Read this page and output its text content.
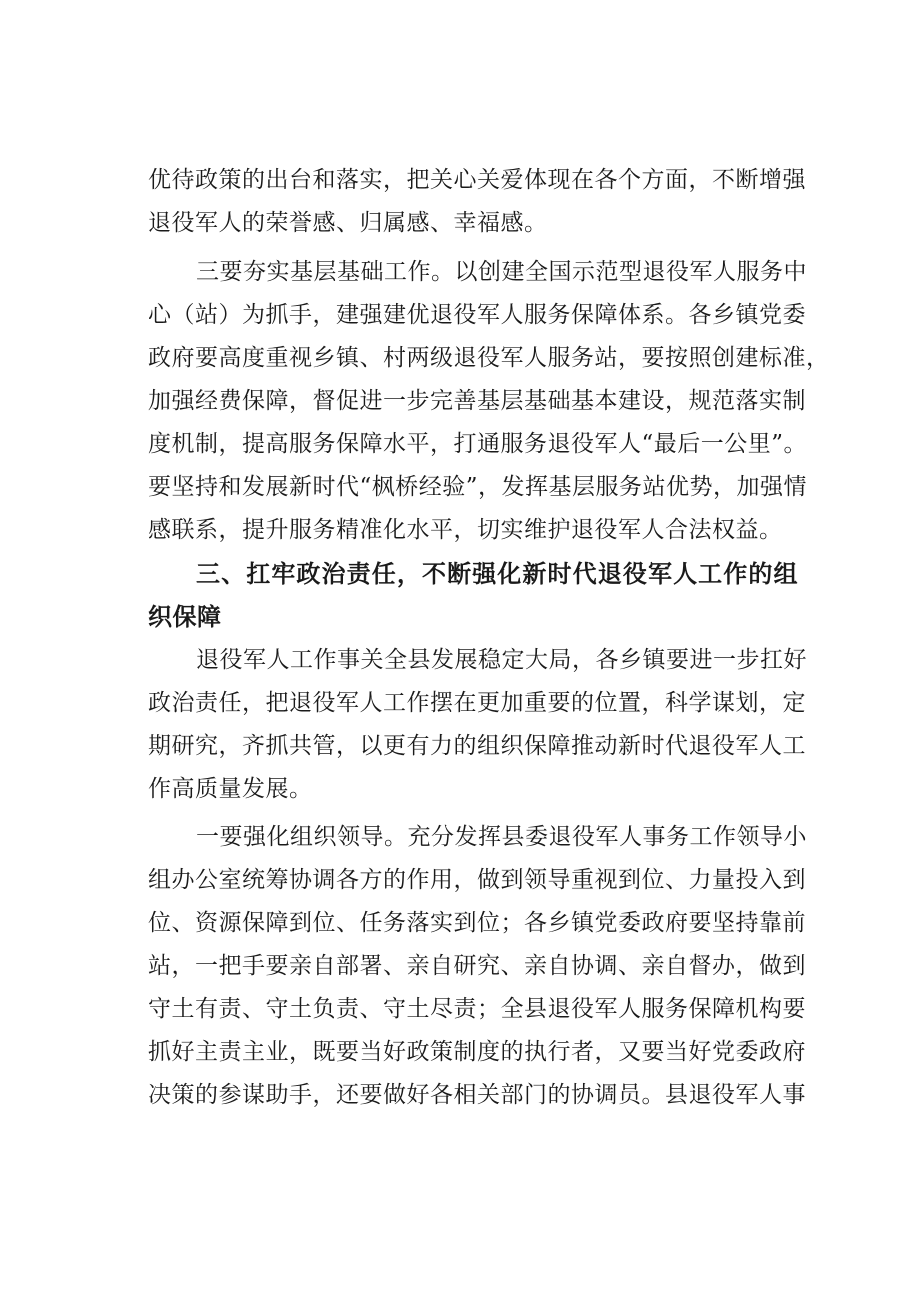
优待政策的出台和落实，把关心关爱体现在各个方面，不断增强
退役军人的荣誉感、归属感、幸福感。
三要夯实基层基础工作。以创建全国示范型退役军人服务中
心（站）为抓手，建强建优退役军人服务保障体系。各乡镇党委
政府要高度重视乡镇、村两级退役军人服务站，要按照创建标准，
加强经费保障，督促进一步完善基层基础基本建设，规范落实制
度机制，提高服务保障水平，打通服务退役军人“最后一公里”。
要坚持和发展新时代“枫桥经验”，发挥基层服务站优势，加强情
感联系，提升服务精准化水平，切实维护退役军人合法权益。
三、扛牢政治责任，不断强化新时代退役军人工作的组
织保障
退役军人工作事关全县发展稳定大局，各乡镇要进一步扛好
政治责任，把退役军人工作摆在更加重要的位置，科学谋划，定
期研究，齐抓共管，以更有力的组织保障推动新时代退役军人工
作高质量发展。
一要强化组织领导。充分发挥县委退役军人事务工作领导小
组办公室统筹协调各方的作用，做到领导重视到位、力量投入到
位、资源保障到位、任务落实到位；各乡镇党委政府要坚持靠前
站，一把手要亲自部署、亲自研究、亲自协调、亲自督办，做到
守土有责、守土负责、守土尽责；全县退役军人服务保障机构要
抓好主责主业，既要当好政策制度的执行者，又要当好党委政府
决策的参谋助手，还要做好各相关部门的协调员。县退役军人事
